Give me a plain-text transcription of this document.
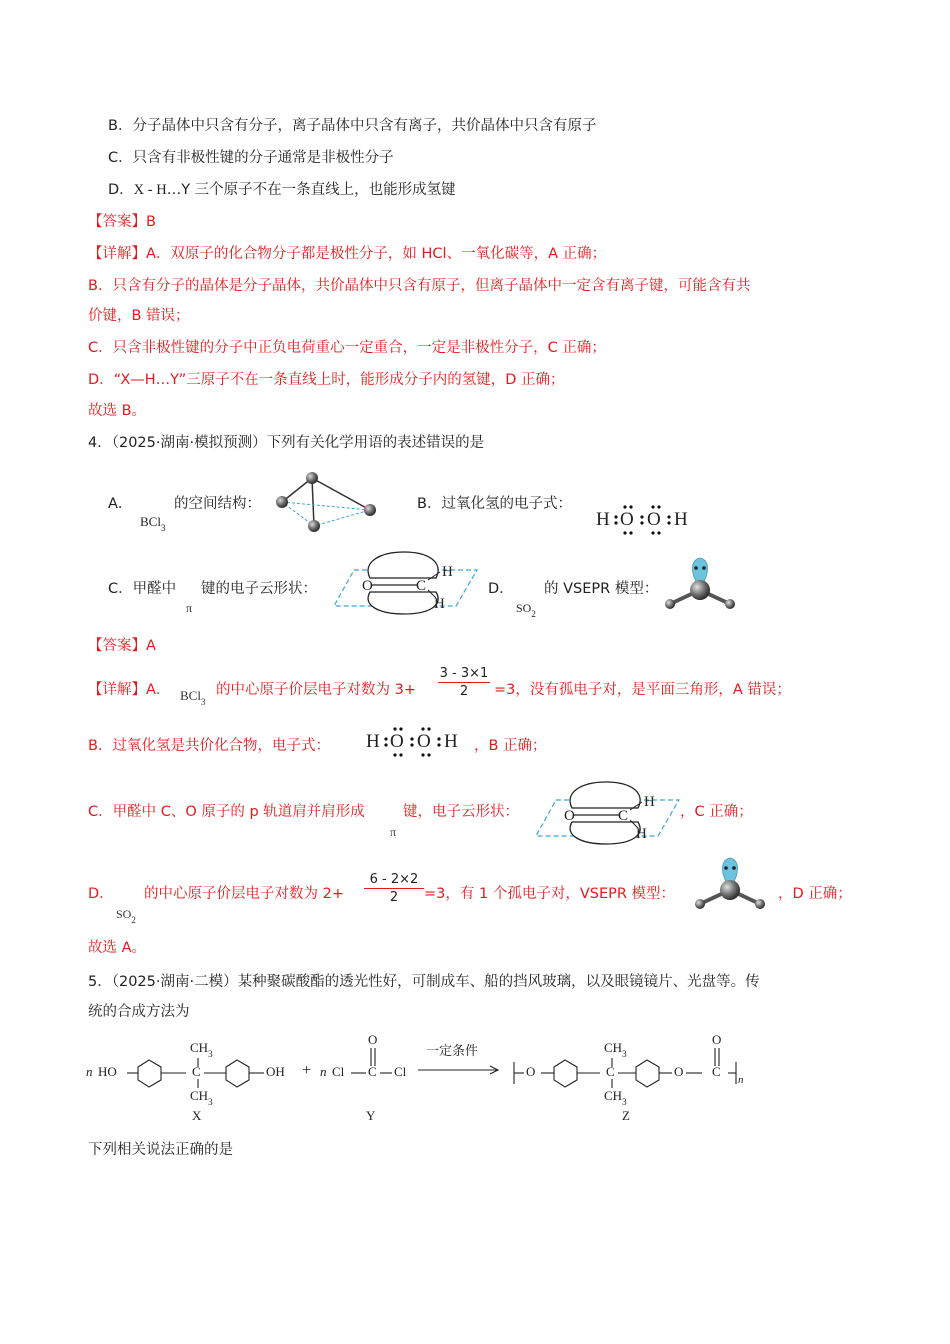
B．分子晶体中只含有分子，离子晶体中只含有离子，共价晶体中只含有原子
C．只含有非极性键的分子通常是非极性分子
D．X - H…Y 三个原子不在一条直线上，也能形成氢键
【答案】B
【详解】A．双原子的化合物分子都是极性分子，如 HCl、一氧化碳等，A 正确；
B．只含有分子的晶体是分子晶体，共价晶体中只含有原子，但离子晶体中一定含有离子键，可能含有共
价键，B 错误；
C．只含非极性键的分子中正负电荷重心一定重合，一定是非极性分子，C 正确；
D．“X—H…Y”三原子不在一条直线上时，能形成分子内的氢键，D 正确；
故选 B。
4．（2025·湖南·模拟预测）下列有关化学用语的表述错误的是
A．
BCl$_3$
的空间结构：	B．过氧化氢的电子式：
H O O H
C．甲醛中
π
键的电子云形状：	O	C
H
H
D．
$SO_2$
的 VSEPR 模型：
【答案】A
【详解】A． BCl$_3$
的中心原子价层电子对数为 3+
3 - 3×1
2	=3，没有孤电子对，是平面三角形，A 错误；
B．过氧化氢是共价化合物，电子式： H O O H ，B 正确；
C．甲醛中 C、O 原子的 p 轨道肩并肩形成
π
键，电子云形状：	O	C
H
H
，C 正确；
D．
$SO_2$
的中心原子价层电子对数为 2+
6 - 2×2
2	=3，有 1 个孤电子对，VSEPR 模型：	，D 正确；
故选 A。
5．（2025·湖南·二模）某种聚碳酸酯的透光性好，可制成车、船的挡风玻璃，以及眼镜镜片、光盘等。传
统的合成方法为
n HO	C
$CH_3$
$CH_3$
OH + n Cl C
O
Cl
一定条件
O	C
$CH_3$
$CH_3$
O C
O
n
X	Y	Z
下列相关说法正确的是
